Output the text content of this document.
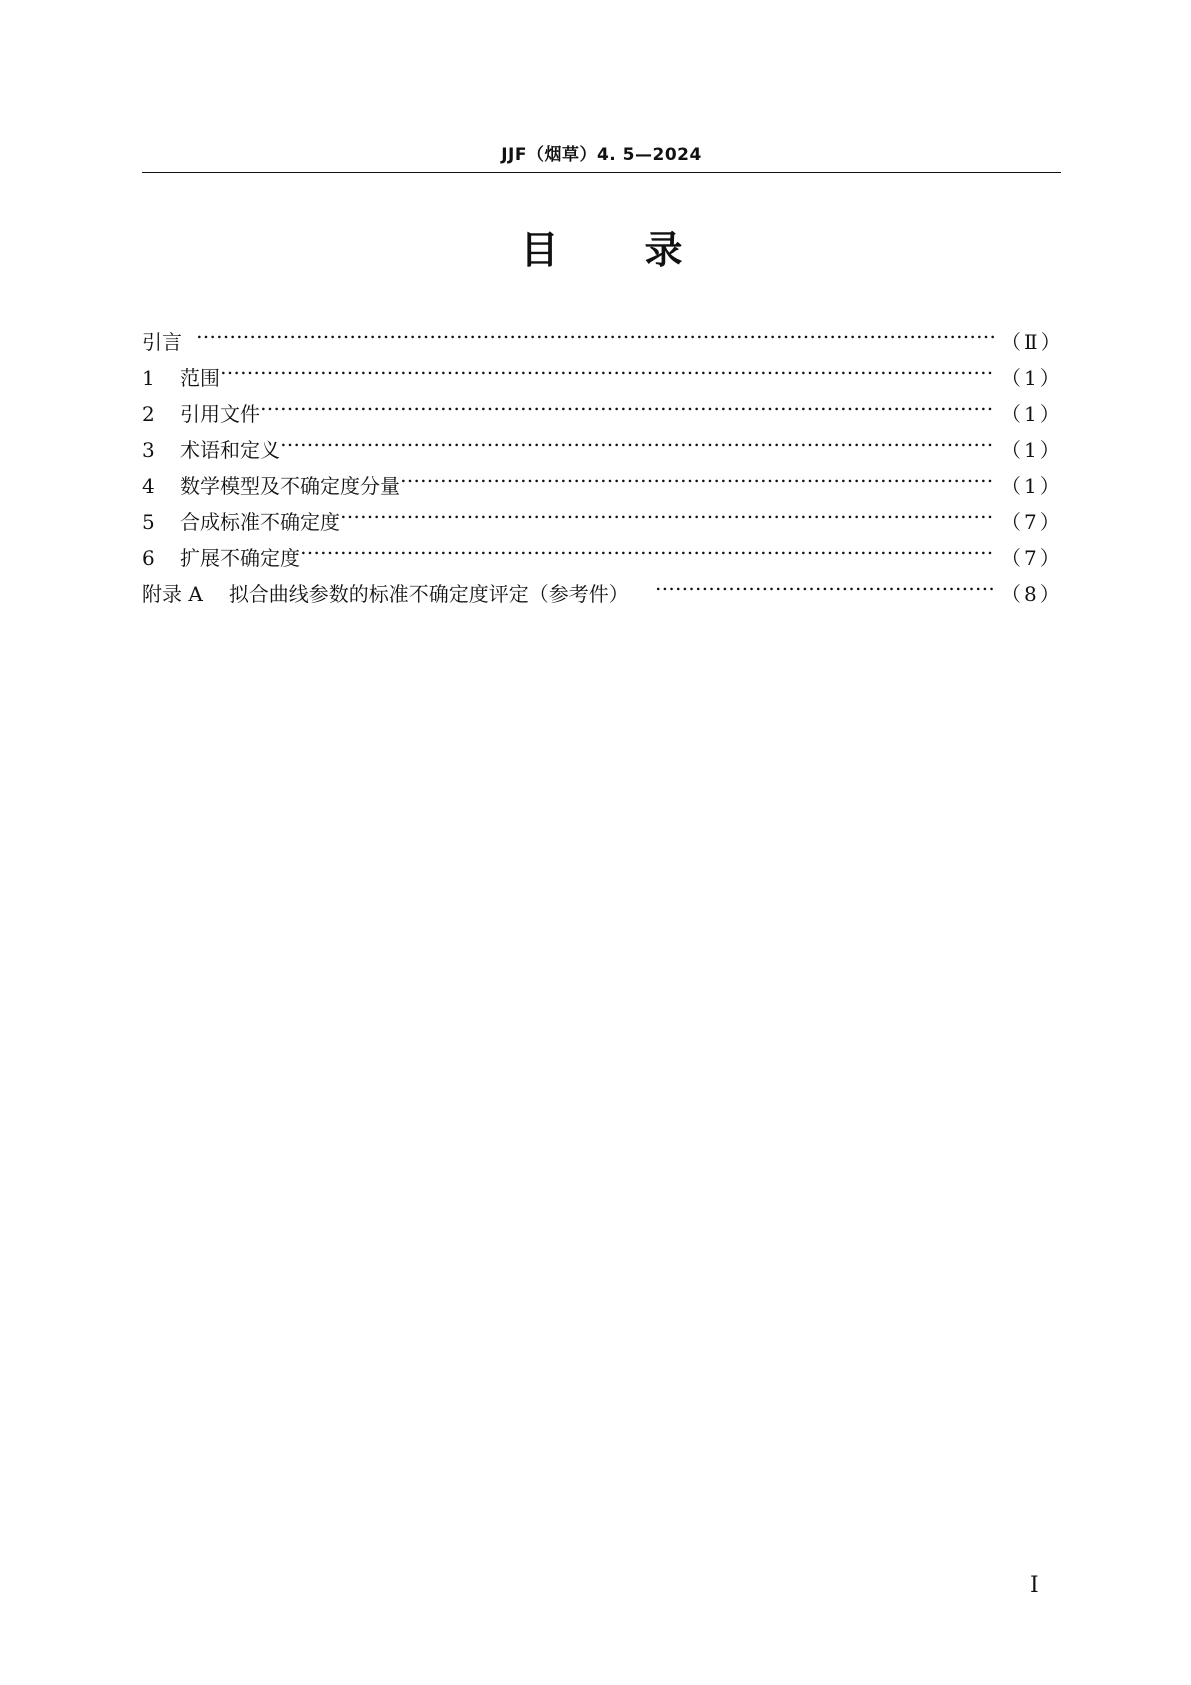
JJF（烟草）4. 5—2024
目 录
引言 ……………………………………………………………………………………………………………………………………………………………………………………………………	（Ⅱ）
1	范围 ……………………………………………………………………………………………………………………………………………………………………………………………………	（1）
2	引用文件 ……………………………………………………………………………………………………………………………………………………………………………………………………	（1）
3	术语和定义 ……………………………………………………………………………………………………………………………………………………………………………………………………	（1）
4	数学模型及不确定度分量 ……………………………………………………………………………………………………………………………………………………………………………………………………	（1）
5	合成标准不确定度 ……………………………………………………………………………………………………………………………………………………………………………………………………	（7）
6	扩展不确定度 ……………………………………………………………………………………………………………………………………………………………………………………………………	（7）
附录 A 拟合曲线参数的标准不确定度评定（参考件） ……………………………………………………………………………………………………………………………………………………………………………………………………	（8）
Ⅰ
